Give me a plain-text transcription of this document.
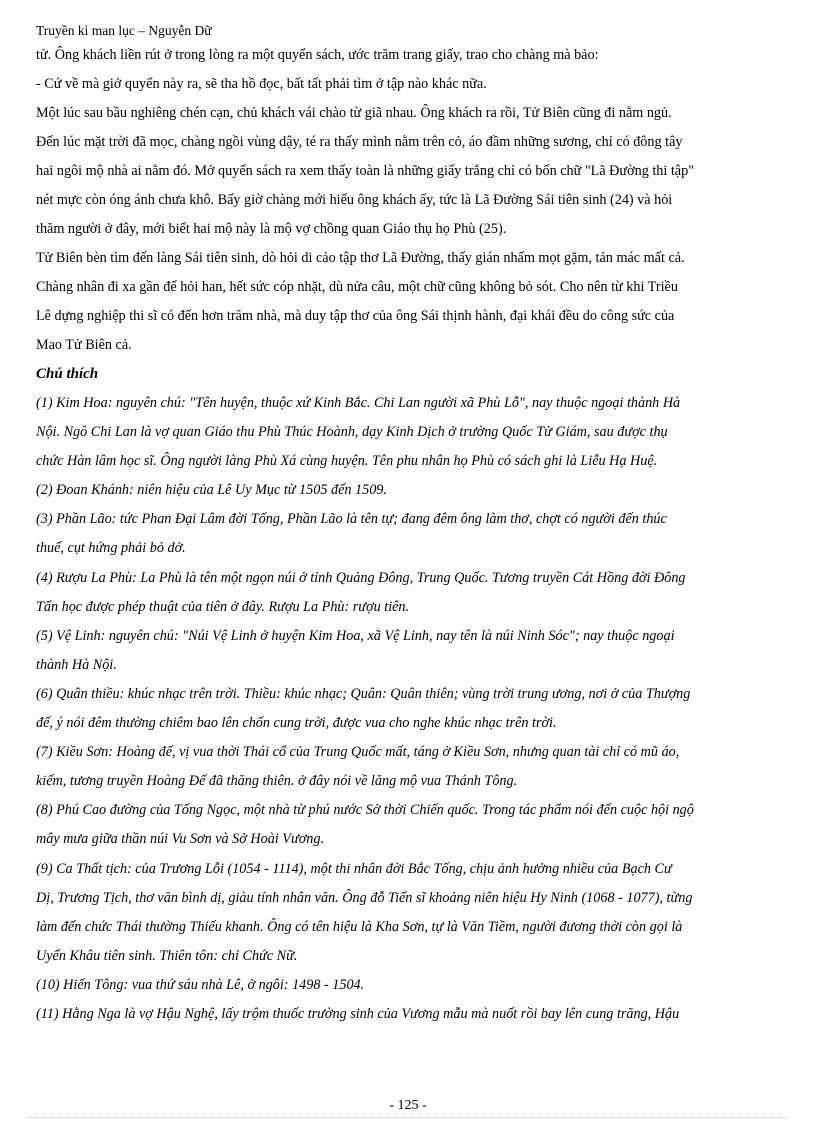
Truyền kì man lục – Nguyễn Dữ
tử. Ông khách liền rút ở trong lòng ra một quyển sách, ước trăm trang giấy, trao cho chàng mà bảo:
- Cứ về mà giở quyển này ra, sẽ tha hồ đọc, bất tất phải tìm ở tập nào khác nữa.
Một lúc sau bầu nghiêng chén cạn, chủ khách vái chào từ giã nhau. Ông khách ra rồi, Tử Biên cũng đi nằm ngủ.
Đến lúc mặt trời đã mọc, chàng ngồi vùng dậy, té ra thấy mình nằm trên cỏ, áo đầm những sương, chỉ có đông tây
hai ngôi mộ nhà ai nằm đó. Mở quyển sách ra xem thấy toàn là những giấy trắng chỉ có bốn chữ "Lã Đường thi tập"
nét mực còn óng ánh chưa khô. Bấy giờ chàng mới hiểu ông khách ấy, tức là Lã Đường Sái tiên sinh (24) và hỏi
thăm người ở đây, mới biết hai mộ này là mộ vợ chồng quan Giáo thụ họ Phù (25).
Tử Biên bèn tìm đến làng Sái tiên sinh, dò hỏi di cảo tập thơ Lã Đường, thấy gián nhấm mọt gặm, tản mác mất cả.
Chàng nhân đi xa gần để hỏi han, hết sức cóp nhặt, dù nửa câu, một chữ cũng không bỏ sót. Cho nên từ khi Triều
Lê dựng nghiệp thi sĩ có đến hơn trăm nhà, mà duy tập thơ của ông Sái thịnh hành, đại khái đều do công sức của
Mao Tử Biên cả.
Chú thích
(1) Kim Hoa: nguyên chú: "Tên huyện, thuộc xứ Kinh Bắc. Chi Lan người xã Phù Lỗ", nay thuộc ngoại thành Hà
Nội. Ngô Chi Lan là vợ quan Giáo thu Phù Thúc Hoành, dạy Kinh Dịch ở trường Quốc Tử Giám, sau được thụ
chức Hàn lâm học sĩ. Ông người làng Phù Xá cùng huyện. Tên phu nhân họ Phù có sách ghi là Liễu Hạ Huệ.
(2) Đoan Khánh: niên hiệu của Lê Uy Mục từ 1505 đến 1509.
(3) Phần Lão: tức Phan Đại Lâm đời Tống, Phần Lão là tên tự; đang đêm ông làm thơ, chợt có người đến thúc
thuế, cụt hứng phải bỏ dở.
(4) Rượu La Phù: La Phù là tên một ngọn núi ở tỉnh Quảng Đông, Trung Quốc. Tương truyền Cát Hồng đời Đông
Tấn học được phép thuật của tiên ở đây. Rượu La Phù: rượu tiên.
(5) Vệ Linh: nguyên chú: "Núi Vệ Linh ở huyện Kim Hoa, xã Vệ Linh, nay tên là núi Ninh Sóc"; nay thuộc ngoại
thành Hà Nội.
(6) Quân thiều: khúc nhạc trên trời. Thiều: khúc nhạc; Quân: Quân thiên; vùng trời trung ương, nơi ở của Thượng
đế, ý nói đêm thường chiêm bao lên chốn cung trời, được vua cho nghe khúc nhạc trên trời.
(7) Kiều Sơn: Hoàng đế, vị vua thời Thái cổ của Trung Quốc mất, táng ở Kiều Sơn, nhưng quan tài chỉ có mũ áo,
kiếm, tương truyền Hoàng Đế đã thăng thiên. ở đây nói về lăng mộ vua Thánh Tông.
(8) Phú Cao đường của Tống Ngọc, một nhà từ phú nước Sở thời Chiến quốc. Trong tác phẩm nói đến cuộc hội ngộ
mây mưa giữa thần núi Vu Sơn và Sở Hoài Vương.
(9) Ca Thất tịch: của Trương Lỗi (1054 - 1114), một thi nhân đời Bắc Tống, chịu ảnh hưởng nhiều của Bạch Cư
Dị, Trương Tịch, thơ văn bình dị, giàu tính nhân văn. Ông đỗ Tiến sĩ khoảng niên hiệu Hy Ninh (1068 - 1077), từng
làm đến chức Thái thường Thiếu khanh. Ông có tên hiệu là Kha Sơn, tự là Văn Tiềm, người đương thời còn gọi là
Uyển Khâu tiên sinh. Thiên tôn: chỉ Chức Nữ.
(10) Hiến Tông: vua thứ sáu nhà Lê, ở ngôi: 1498 - 1504.
(11) Hằng Nga là vợ Hậu Nghệ, lấy trộm thuốc trường sinh của Vương mẫu mà nuốt rồi bay lên cung trăng, Hậu
- 125 -
